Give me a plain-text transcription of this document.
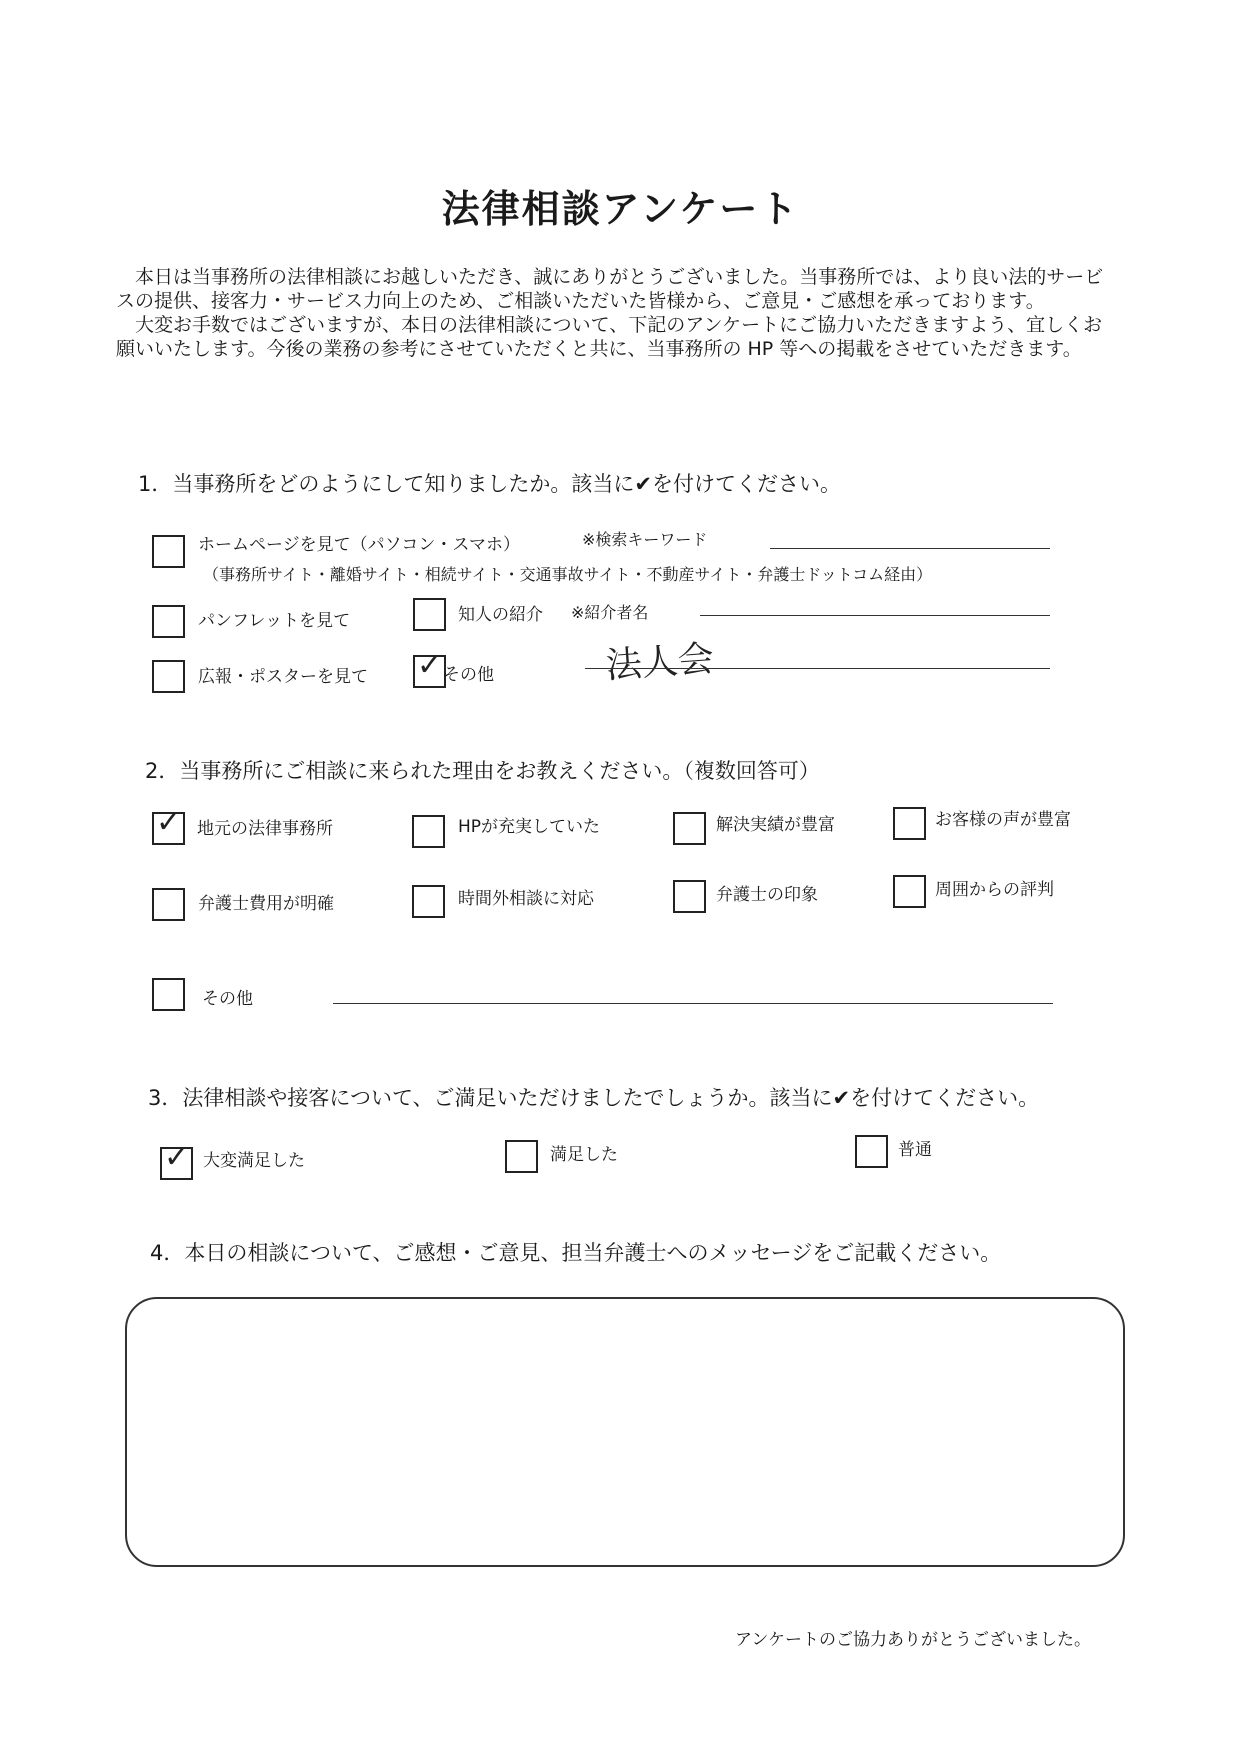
法律相談アンケート

本日は当事務所の法律相談にお越しいただき、誠にありがとうございました。当事務所では、より良い法的サービスの提供、接客力・サービス力向上のため、ご相談いただいた皆様から、ご意見・ご感想を承っております。

大変お手数ではございますが、本日の法律相談について、下記のアンケートにご協力いただきますよう、宜しくお願いいたします。今後の業務の参考にさせていただくと共に、当事務所の HP 等への掲載をさせていただきます。

1．当事務所をどのようにして知りましたか。該当に✔を付けてください。
ホームページを見て（パソコン・スマホ）	※検索キーワード
（事務所サイト・離婚サイト・相続サイト・交通事故サイト・不動産サイト・弁護士ドットコム経由）
パンフレットを見て	知人の紹介 ※紹介者名
広報・ポスターを見て ✓ その他	法人会
2．当事務所にご相談に来られた理由をお教えください。（複数回答可）
✓ 地元の法律事務所	HPが充実していた	解決実績が豊富	お客様の声が豊富
弁護士費用が明確	時間外相談に対応	弁護士の印象	周囲からの評判
その他
3．法律相談や接客について、ご満足いただけましたでしょうか。該当に✔を付けてください。
✓ 大変満足した	満足した	普通
4．本日の相談について、ご感想・ご意見、担当弁護士へのメッセージをご記載ください。
アンケートのご協力ありがとうございました。
